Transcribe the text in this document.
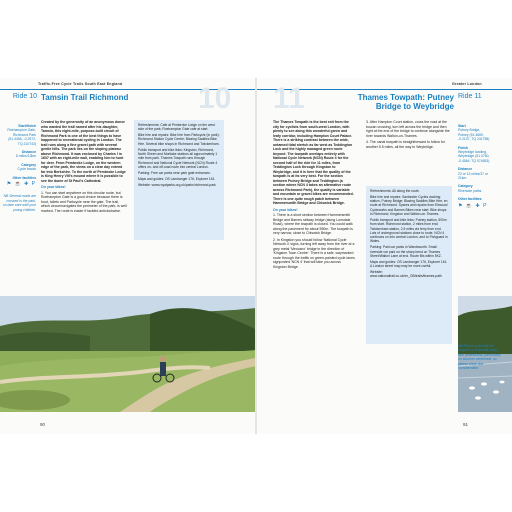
Traffic-Free Cycle Trails South East England
Ride 10 Tamsin Trail Richmond 10
Start/finish
Roehampton Gate, Richmond Park (51.4456, -0.2572, TQ 210743)
Distance
8 miles/13km
Category
Cycle tracks
Other facilities
⚑ ☕ ✚ P
NB Several roads are crossed in the park, so take care with your young children.

Created by the generosity of an anonymous donor who wanted the trail named after his daughter, Tamsin, this eight-mile, purpose-built circuit of Richmond Park is one of the best things to have happened to recreational cycling in London. The trail runs along a fine gravel path with several gentle hills. The park lies on the sloping plateau above Richmond. It was enclosed by Charles I in 1637 with an eight-mile wall, enabling him to hunt for deer. From Pembroke Lodge, on the western edge of the park, the views on a clear day extend far into Berkshire. To the north of Pembroke Lodge is King Henry VIII's mound where it is possible to see the dome of St Paul's Cathedral.

On your bikes!

1. You can start anywhere on this circular route, but Roehampton Gate is a good choice because there is food, toilets and Parkcycle near the gate. The trail, which circumnavigates the perimeter of the park, is well marked. The route is easier if tackled anticlockwise.

Refreshments: Cafe at Pembroke Lodge on the west side of the park; Roehampton Gate cafe at start.

Bike hire and repairs: Bike hire from Parkcycle (in park); Richmond Station Cycle Centre; Blazing Saddles Bike Hire. Several bike shops in Richmond and Twickenham.

Public transport and bike links: Kingston, Richmond, North Sheen and Mortlake stations all approximately 1 mile from park. Thames Towpath runs through Richmond and National Cycle Network (NCN) Route 4 offers on- and off-road route into central London.

Parking: Free car parks near park gate entrances.

Maps and guides: OS Landranger 176, Explorer 161.

Website: www.royalparks.org.uk/parks/richmond-park

90
Greater London
11	Thames Towpath: Putney Bridge to Weybridge
Ride 11

The Thames Towpath is the best exit from the city for cyclists from south-west London, with plenty to see along this wonderful green and leafy corridor, including Hampton Court Palace. There is a striking contrast between the wide, untamed tidal stretch as far west as Teddington Lock and the highly managed green route beyond. The towpath overlaps entirely with National Cycle Network (NCN) Route 4 for the second half of the ride for 11 miles, from Teddington Lock through Kingston to Weybridge, and it is here that the quality of the towpath is at its very best. For the section between Putney Bridge and Teddington (a section where NCN 4 takes an alternative route across Richmond Park), the quality is variable and mountain or gravel bikes are recommended. There is one quite rough patch between Hammersmith Bridge and Chiswick Bridge.

On your bikes!

1. There is a short section between Hammersmith Bridge and Barnes railway bridge (along Lonsdale Road), where the towpath is closed. You could walk along the pavement for about 550m. The towpath is very narrow, close to Chiswick Bridge.

2. In Kingston you should follow 'National Cycle Network 4' signs, turning left away from the river at a grey metal 'Meccano' bridge in the direction of 'Kingston Town Centre'. There is a safe, waymarked route through the traffic on green-painted cycle lanes signposted 'NCN 4' that will take you across Kingston Bridge.

3. After Hampton Court station, cross the road at the toucan crossing, turn left across the bridge and then right at the end of the bridge to continue alongside the river towards Walton-on-Thames.

4. The canal towpath is straightforward to follow for another 5.5 miles, all the way to Weybridge.

Refreshments: All along the route.

Bike hire and repairs: Santander Cycles docking station, Putney Bridge; Blazing Saddles Bike Hire, en route at Richmond. Spares and repairs from Elswood Cycleworks and Barnes Bikes near start. Bike shops in Richmond, Kingston and Walton-on-Thames.

Public transport and bike links: Putney station, 500m from start. Richmond station, 2 miles from end; Twickenham station, 2.5 miles via ferry from end. Lots of underground stations close to route. NCN 4 continues on into central London, and to Fishguard in Wales.

Parking: Paid car parks in Wandsworth. Small riverside car park on the sharp bend on Thames Street/Walton Lane at end. Route fills within 5KZ.

Maps and guides: OS Landranger 176, Explorer 161. A London street map may be more useful.

Website: www.nationaltrail.co.uk/en_GB/trails/thames-path

Start
Putney Bridge, Putney (51.4669, -0.2137, TQ 241758)
Finish
Weybridge landing, Weybridge (51.3760, -0.4564, TQ 074653)
Distance
23 or 13 miles/37 or 21km
Category
Riverside paths
Other facilities
⚑ ☕ ✚ P
NB Please note that the towpath is frequently busy with pedestrians, particularly on summer weekends, so please show due consideration.
91
